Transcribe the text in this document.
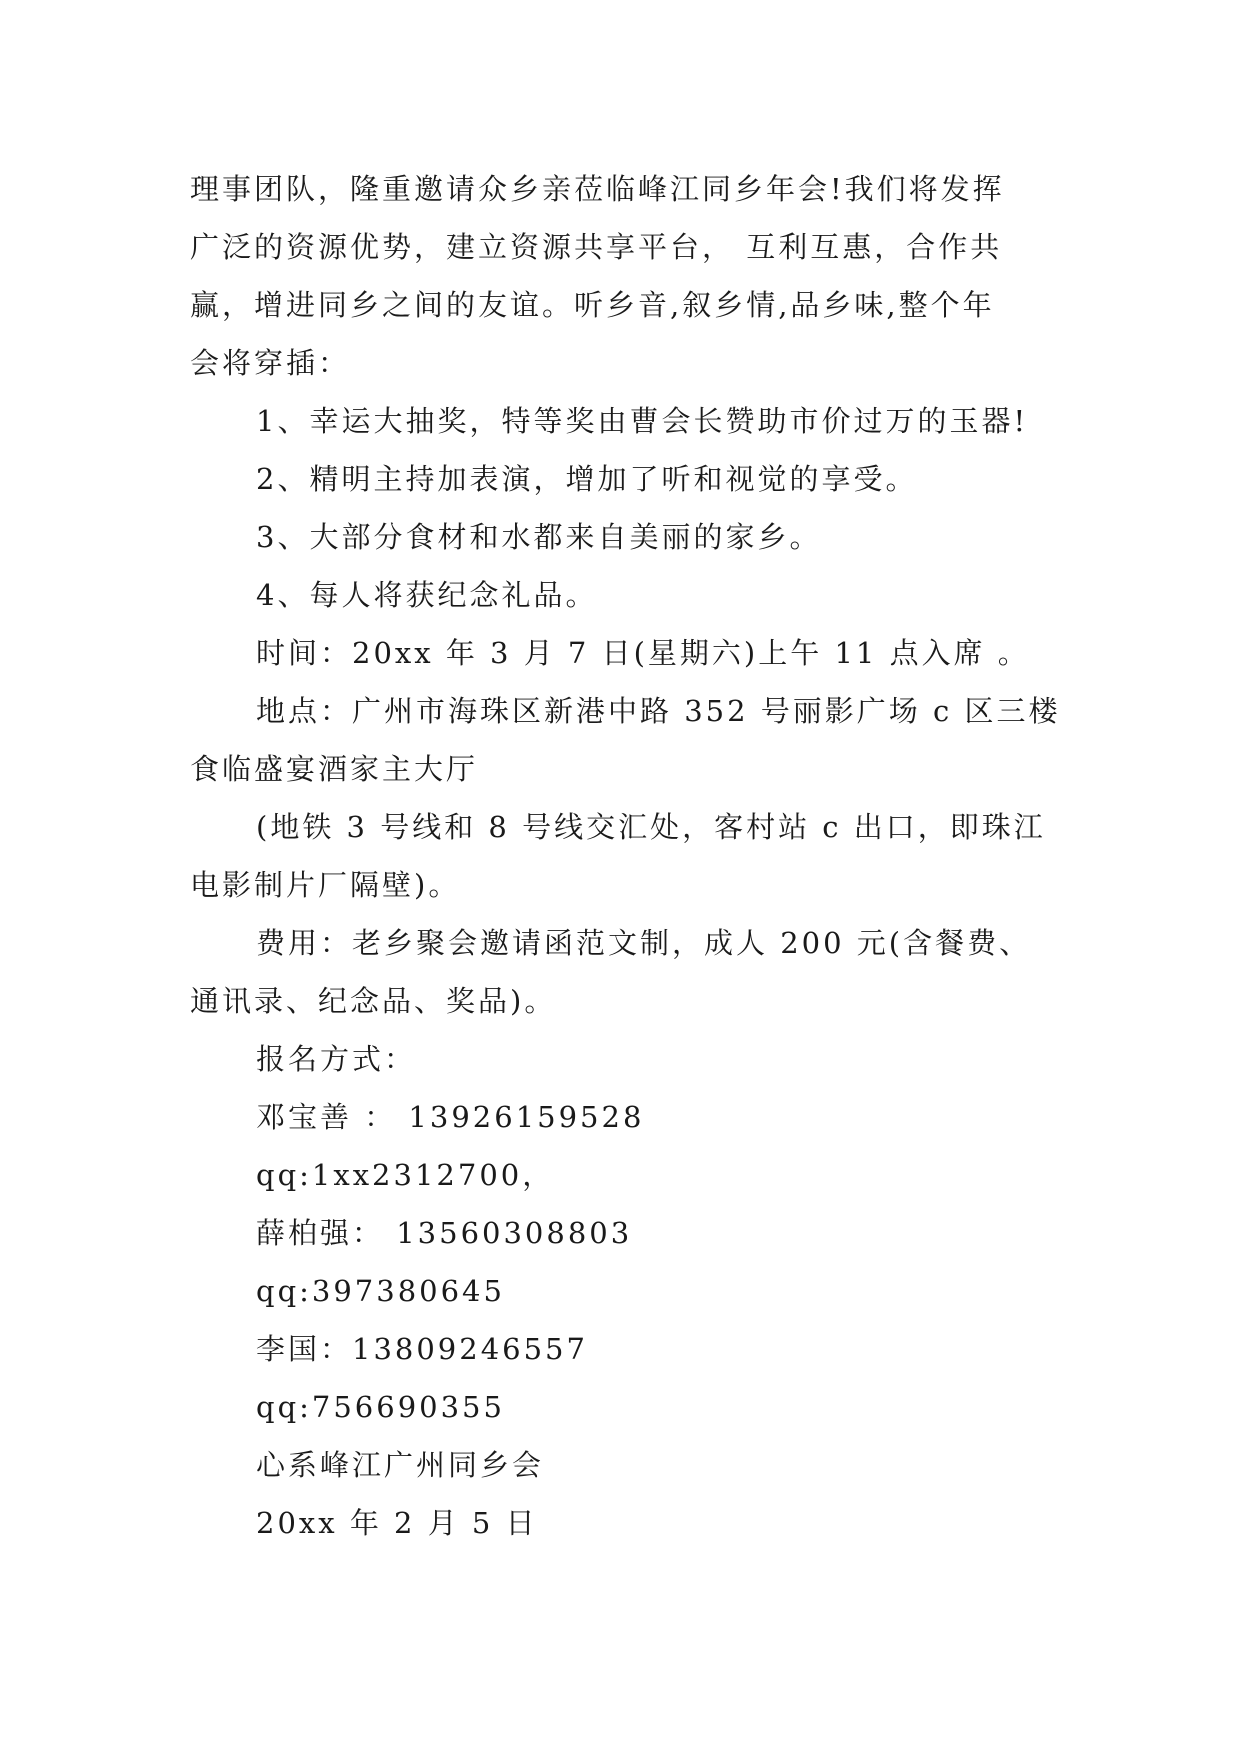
理事团队，隆重邀请众乡亲莅临峰江同乡年会!我们将发挥
广泛的资源优势，建立资源共享平台， 互利互惠，合作共
赢，增进同乡之间的友谊。听乡音,叙乡情,品乡味,整个年
会将穿插：
1、幸运大抽奖，特等奖由曹会长赞助市价过万的玉器!
2、精明主持加表演，增加了听和视觉的享受。
3、大部分食材和水都来自美丽的家乡。
4、每人将获纪念礼品。
时间：20xx 年 3 月 7 日(星期六)上午 11 点入席 。
地点：广州市海珠区新港中路 352 号丽影广场 c 区三楼
食临盛宴酒家主大厅
(地铁 3 号线和 8 号线交汇处，客村站 c 出口，即珠江
电影制片厂隔壁)。
费用：老乡聚会邀请函范文制，成人 200 元(含餐费、
通讯录、纪念品、奖品)。
报名方式：
邓宝善 ： 13926159528
qq:1xx2312700，
薛柏强： 13560308803
qq:397380645
李国：13809246557
qq:756690355
心系峰江广州同乡会
20xx 年 2 月 5 日
